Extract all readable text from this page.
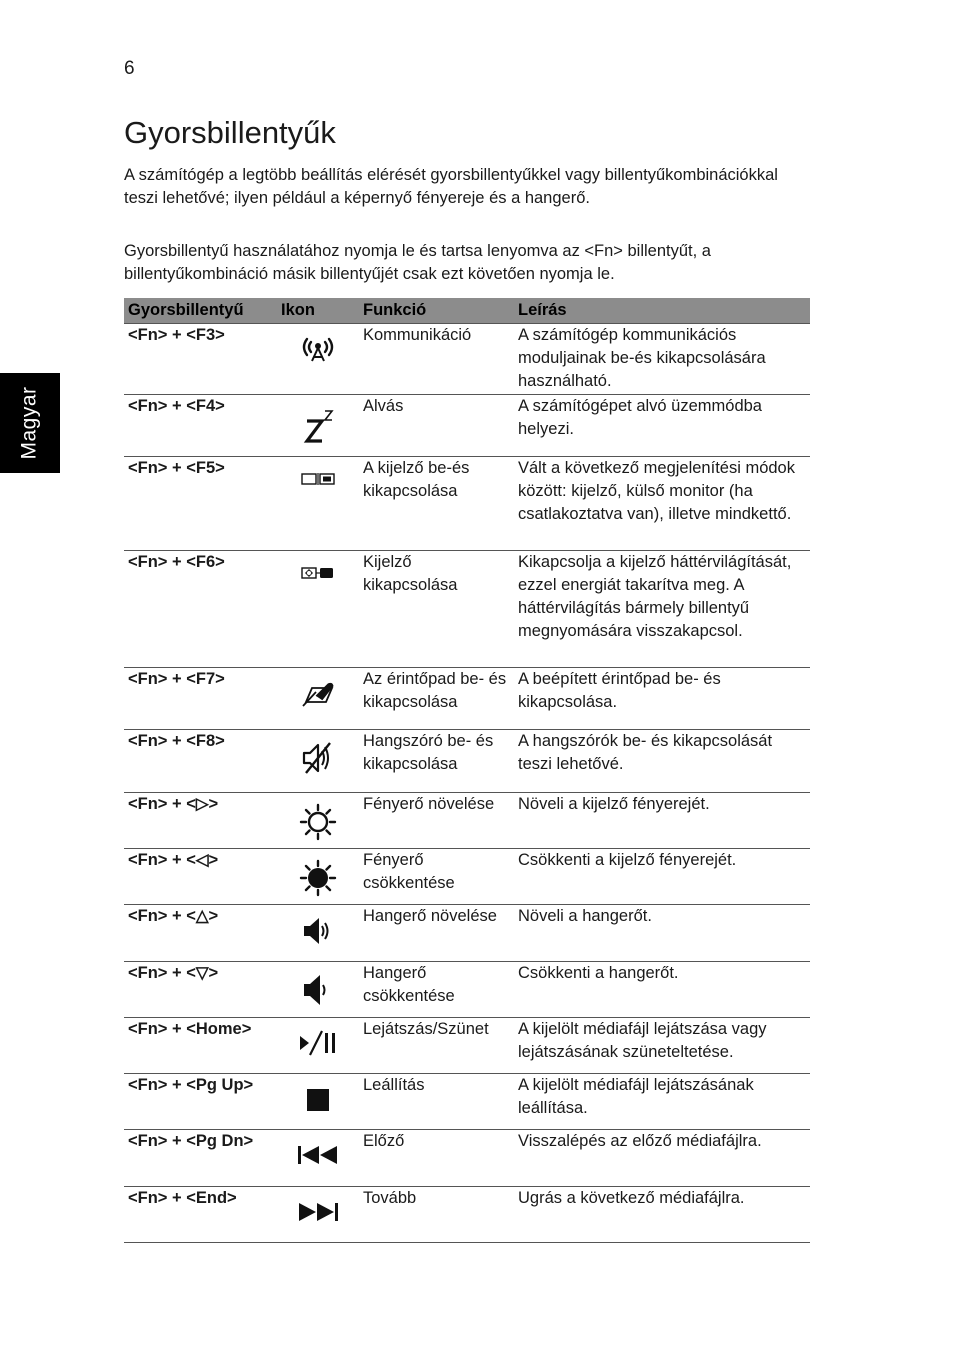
6
Magyar
Gyorsbillentyűk

A számítógép a legtöbb beállítás elérését gyorsbillentyűkkel vagy billentyűkombinációkkal teszi lehetővé; ilyen például a képernyő fényereje és a hangerő.

Gyorsbillentyű használatához nyomja le és tartsa lenyomva az <Fn> billentyűt, a billentyűkombináció másik billentyűjét csak ezt követően nyomja le.

Gyorsbillentyű	Ikon	Funkció	Leírás
<Fn> + <F3>		Kommunikáció	A számítógép kommunikációs moduljainak be-és kikapcsolására használható.
<Fn> + <F4>		Alvás	A számítógépet alvó üzemmódba helyezi.
<Fn> + <F5>		A kijelző be-és kikapcsolása	Vált a következő megjelenítési módok között: kijelző, külső monitor (ha csatlakoztatva van), illetve mindkettő.
<Fn> + <F6>		Kijelző kikapcsolása	Kikapcsolja a kijelző háttérvilágítását, ezzel energiát takarítva meg. A háttérvilágítás bármely billentyű megnyomására visszakapcsol.
<Fn> + <F7>		Az érintőpad be- és kikapcsolása	A beépített érintőpad be- és kikapcsolása.
<Fn> + <F8>		Hangszóró be- és kikapcsolása	A hangszórók be- és kikapcsolását teszi lehetővé.
<Fn> + <▷>		Fényerő növelése	Növeli a kijelző fényerejét.
<Fn> + <◁>		Fényerő csökkentése	Csökkenti a kijelző fényerejét.
<Fn> + <△>		Hangerő növelése	Növeli a hangerőt.
<Fn> + <▽>		Hangerő csökkentése	Csökkenti a hangerőt.
<Fn> + <Home>		Lejátszás/Szünet	A kijelölt médiafájl lejátszása vagy lejátszásának szüneteltetése.
<Fn> + <Pg Up>		Leállítás	A kijelölt médiafájl lejátszásának leállítása.
<Fn> + <Pg Dn>		Előző	Visszalépés az előző médiafájlra.
<Fn> + <End>		Tovább	Ugrás a következő médiafájlra.
